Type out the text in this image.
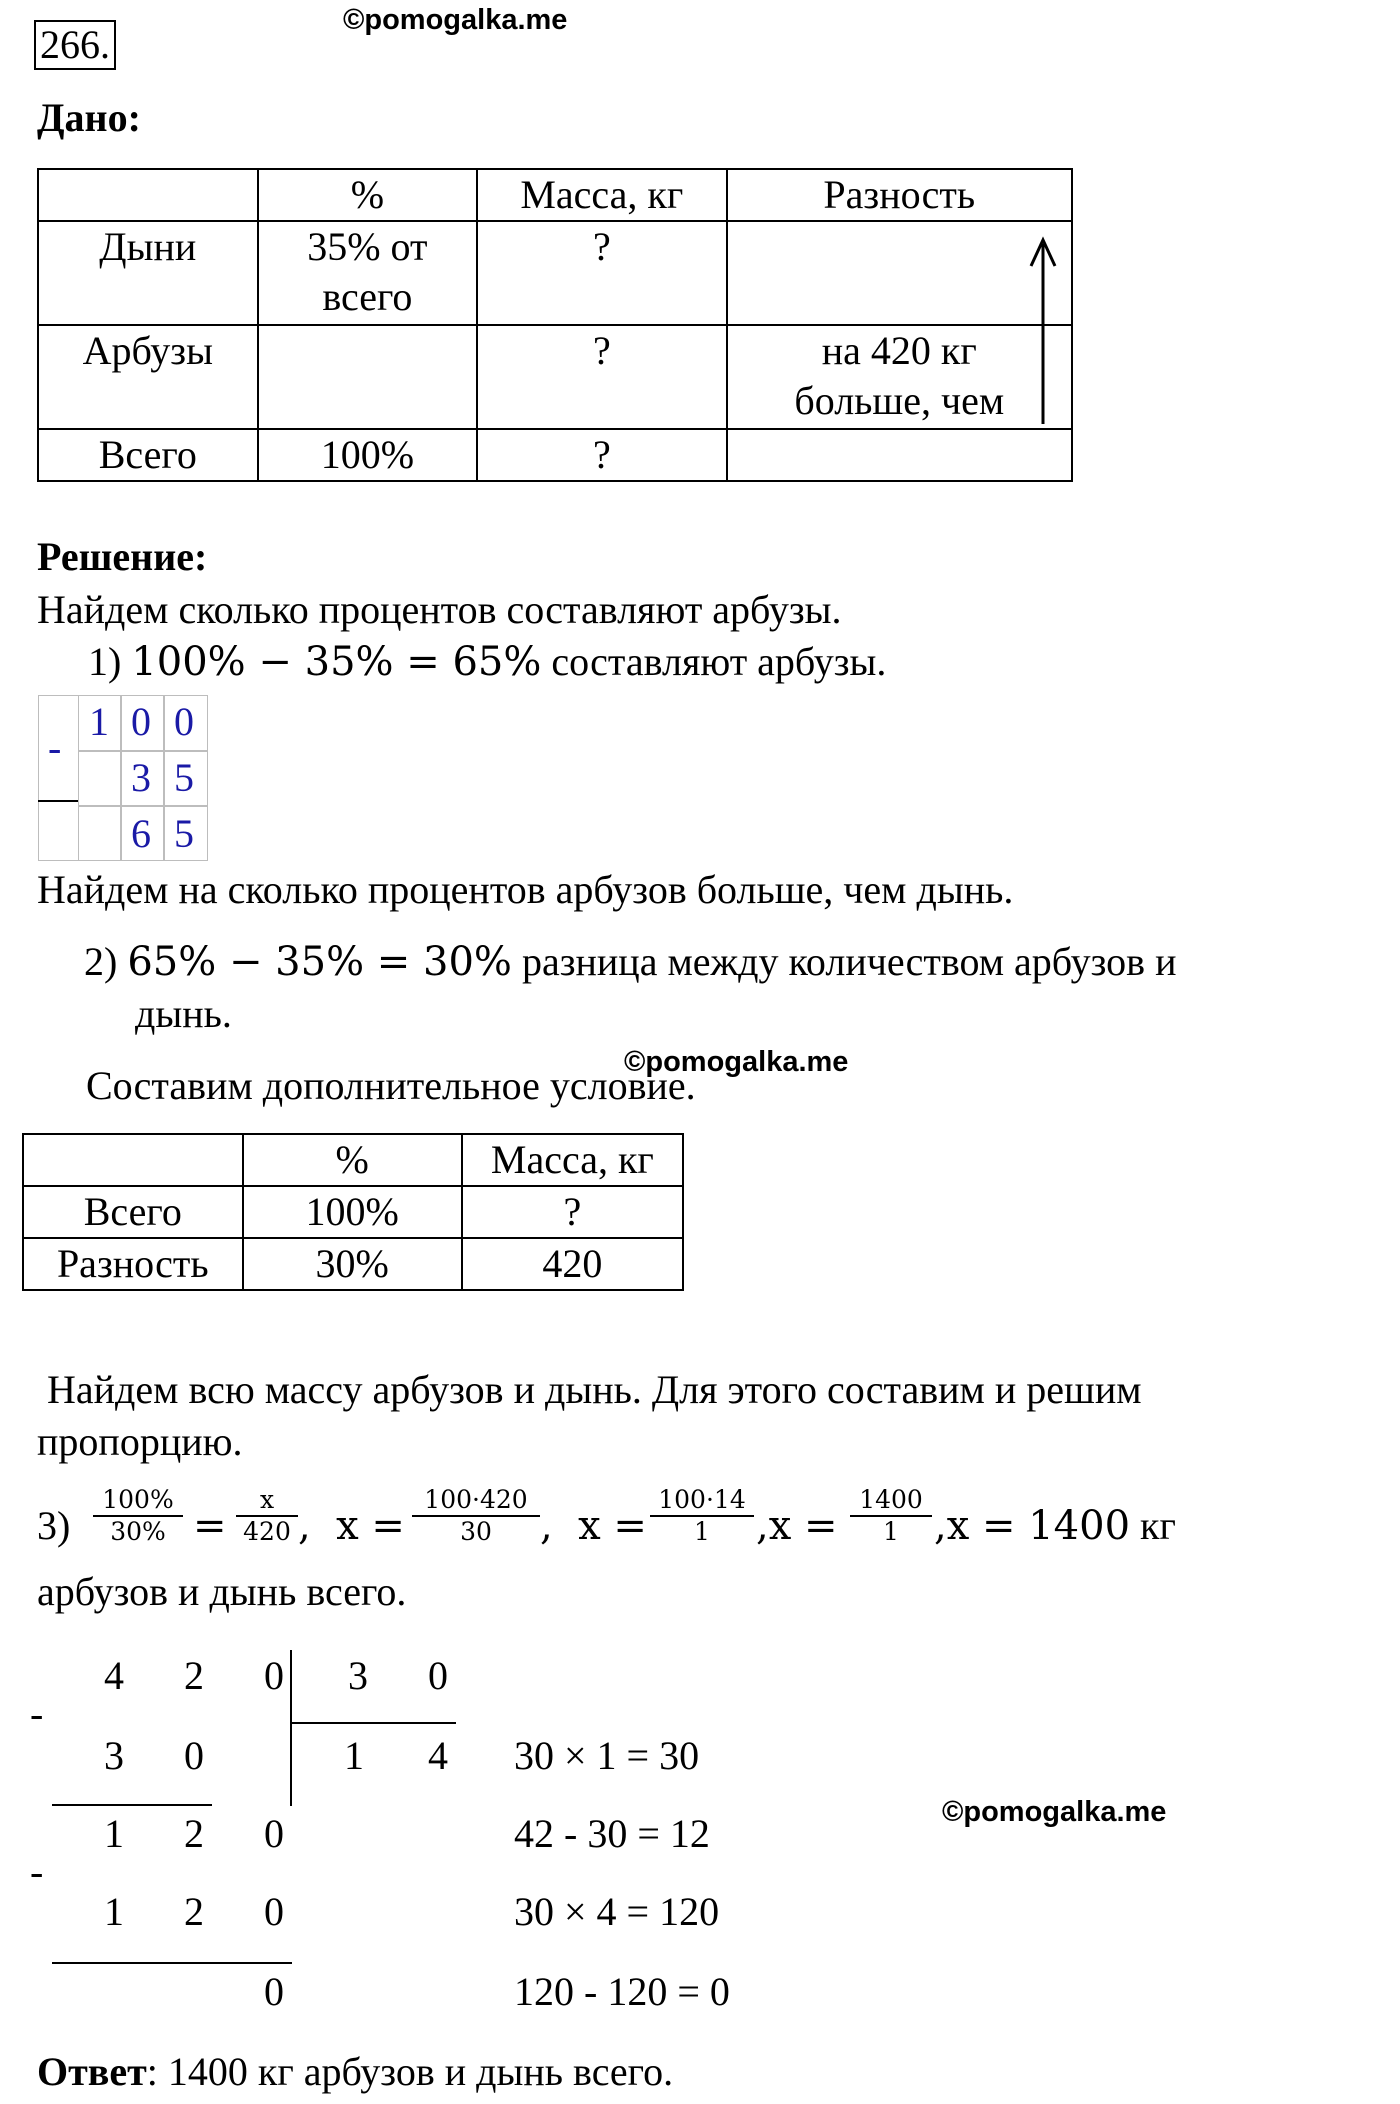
266.
©pomogalka.me
Дано:
	%	Масса, кг	Разность
Дыни	35% от всего	?	
Арбузы		?	на 420 кг больше, чем
Всего	100%	?	
Решение:
Найдем сколько процентов составляют арбузы.
1) 100% − 35% = 65% составляют арбузы.
-
1 0 0
3 5
6 5
Найдем на сколько процентов арбузов больше, чем дынь.
2) 65% − 35% = 30% разница между количеством арбузов и
дынь.
©pomogalka.me
Составим дополнительное условие.
	%	Масса, кг
Всего	100%	?
Разность	30%	420
Найдем всю массу арбузов и дынь. Для этого составим и решим
пропорцию.
$3) \frac{100\%}{30\%} = \frac{x}{420}$ ,  $x = \frac{100\cdot 420}{30}$ ,  $x = \frac{100\cdot 14}{1} ,x = \frac{1400}{1} ,x = 1400$ кг
арбузов и дынь всего.
4 2 0 3 0
-
3 0	1 4
1 2 0
-
1 2 0
0
30 × 1 = 30
42 - 30 = 12
30 × 4 = 120
120 - 120 = 0
©pomogalka.me
Ответ: 1400 кг арбузов и дынь всего.
